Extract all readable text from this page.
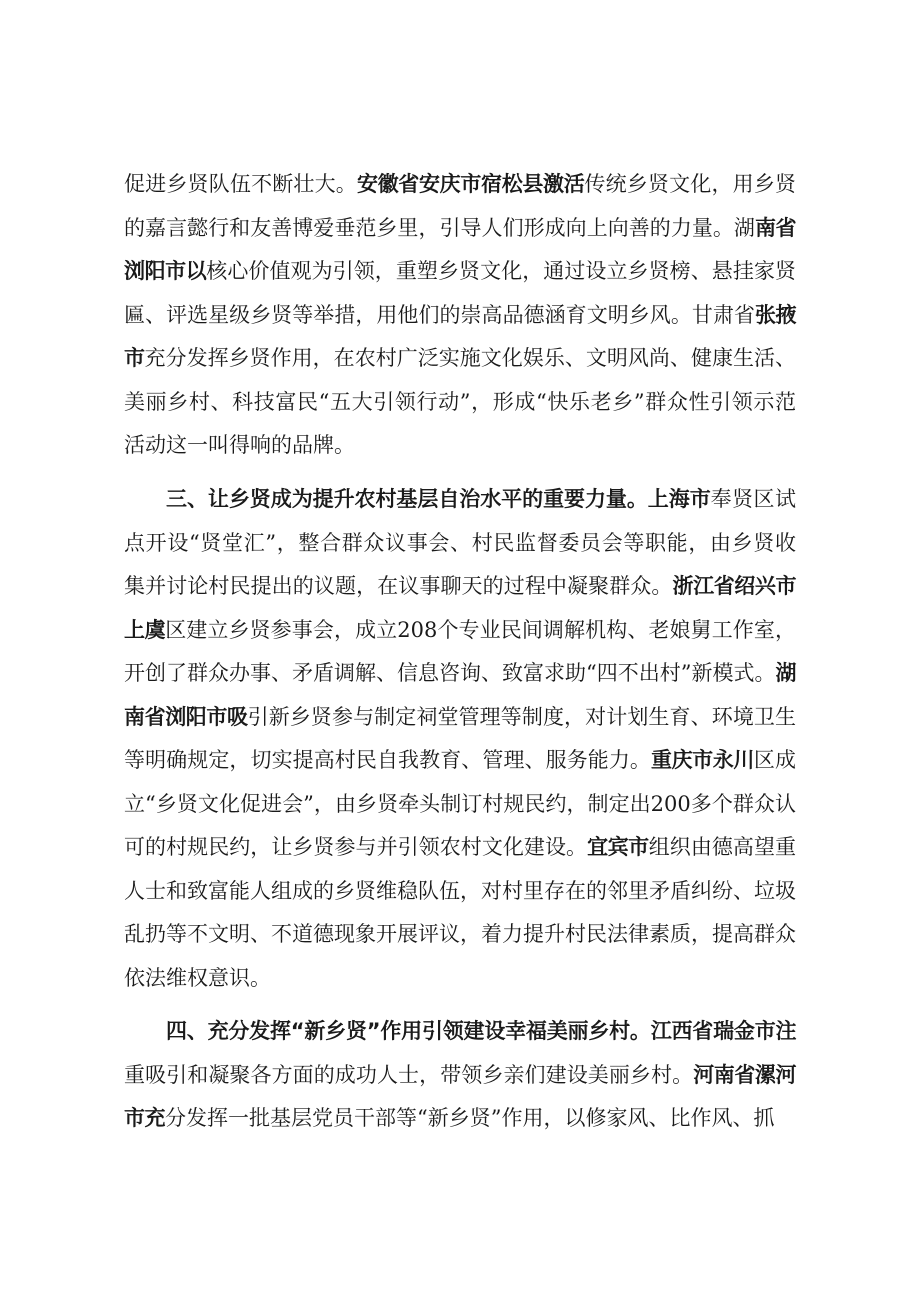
促进乡贤队伍不断壮大。安徽省安庆市宿松县激活传统乡贤文化，用乡贤的嘉言懿行和友善博爱垂范乡里，引导人们形成向上向善的力量。湖南省浏阳市以核心价值观为引领，重塑乡贤文化，通过设立乡贤榜、悬挂家贤匾、评选星级乡贤等举措，用他们的崇高品德涵育文明乡风。甘肃省张掖市充分发挥乡贤作用，在农村广泛实施文化娱乐、文明风尚、健康生活、美丽乡村、科技富民“五大引领行动”，形成“快乐老乡”群众性引领示范活动这一叫得响的品牌。

三、让乡贤成为提升农村基层自治水平的重要力量。上海市奉贤区试点开设“贤堂汇”，整合群众议事会、村民监督委员会等职能，由乡贤收集并讨论村民提出的议题，在议事聊天的过程中凝聚群众。浙江省绍兴市上虞区建立乡贤参事会，成立208个专业民间调解机构、老娘舅工作室，开创了群众办事、矛盾调解、信息咨询、致富求助“四不出村”新模式。湖南省浏阳市吸引新乡贤参与制定祠堂管理等制度，对计划生育、环境卫生等明确规定，切实提高村民自我教育、管理、服务能力。重庆市永川区成立“乡贤文化促进会”，由乡贤牵头制订村规民约，制定出200多个群众认可的村规民约，让乡贤参与并引领农村文化建设。宜宾市组织由德高望重人士和致富能人组成的乡贤维稳队伍，对村里存在的邻里矛盾纠纷、垃圾乱扔等不文明、不道德现象开展评议，着力提升村民法律素质，提高群众依法维权意识。

四、充分发挥“新乡贤”作用引领建设幸福美丽乡村。江西省瑞金市注重吸引和凝聚各方面的成功人士，带领乡亲们建设美丽乡村。河南省漯河市充分发挥一批基层党员干部等“新乡贤”作用，以修家风、比作风、抓
